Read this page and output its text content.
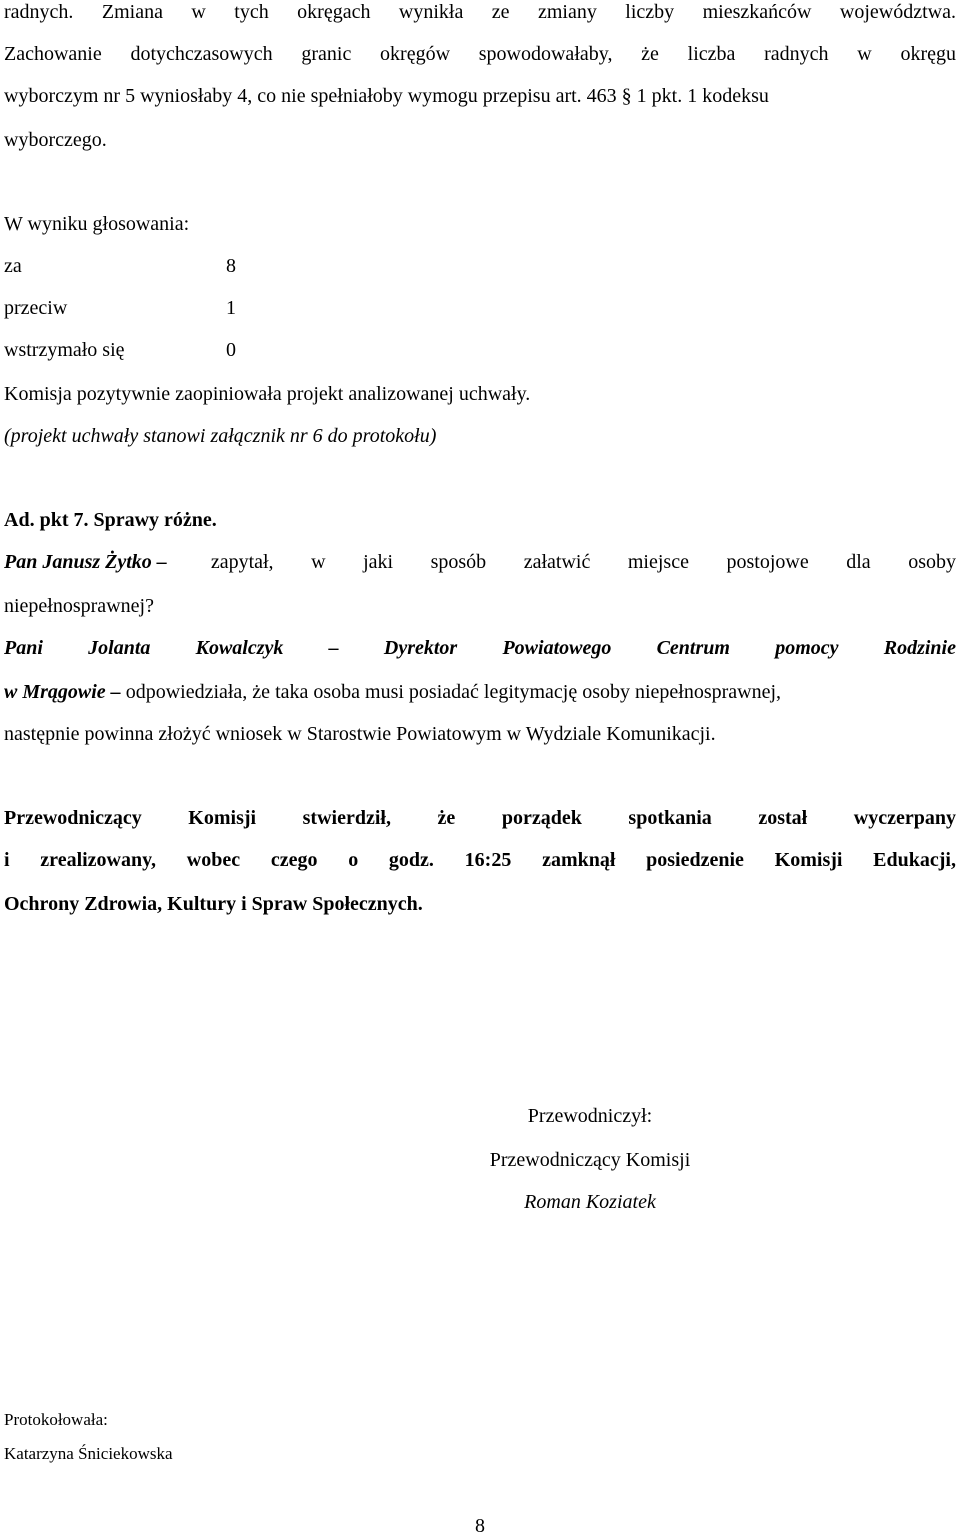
radnych. Zmiana w tych okręgach wynikła ze zmiany liczby mieszkańców województwa.
Zachowanie dotychczasowych granic okręgów spowodowałaby, że liczba radnych w okręgu
wyborczym nr 5 wyniosłaby 4, co nie spełniałoby wymogu przepisu art. 463 § 1 pkt. 1 kodeksu
wyborczego.
W wyniku głosowania:
za	8
przeciw	1
wstrzymało się	0
Komisja pozytywnie zaopiniowała projekt analizowanej uchwały.
(projekt uchwały stanowi załącznik nr 6 do protokołu)
Ad. pkt 7. Sprawy różne.
Pan Janusz Żytko – zapytał, w jaki sposób załatwić miejsce postojowe dla osoby
niepełnosprawnej?
Pani Jolanta Kowalczyk – Dyrektor Powiatowego Centrum pomocy Rodzinie
w Mrągowie – odpowiedziała, że taka osoba musi posiadać legitymację osoby niepełnosprawnej,
następnie powinna złożyć wniosek w Starostwie Powiatowym w Wydziale Komunikacji.
Przewodniczący Komisji stwierdził, że porządek spotkania został wyczerpany
i zrealizowany, wobec czego o godz. 16:25 zamknął posiedzenie Komisji Edukacji,
Ochrony Zdrowia, Kultury i Spraw Społecznych.
Przewodniczył:
Przewodniczący Komisji
Roman Koziatek
Protokołowała:
Katarzyna Śniciekowska
8
